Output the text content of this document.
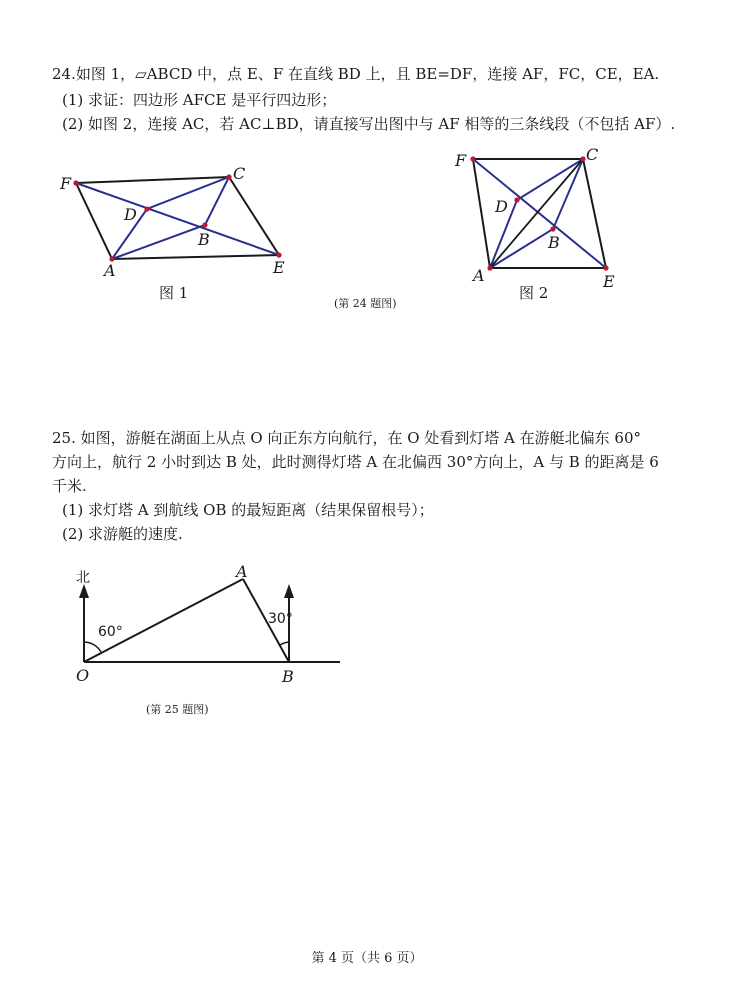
24.如图 1，▱ABCD 中，点 E、F 在直线 BD 上，且 BE=DF，连接 AF，FC，CE，EA.
(1) 求证：四边形 AFCE 是平行四边形；
(2) 如图 2，连接 AC，若 AC⊥BD，请直接写出图中与 AF 相等的三条线段（不包括 AF）.
F
C
D
B
A	E
F	C
D
B
A	E
图 1	图 2
(第 24 题图)
25. 如图，游艇在湖面上从点 O 向正东方向航行，在 O 处看到灯塔 A 在游艇北偏东 60°
方向上，航行 2 小时到达 B 处，此时测得灯塔 A 在北偏西 30°方向上，A 与 B 的距离是 6
千米.
(1) 求灯塔 A 到航线 OB 的最短距离（结果保留根号）；
(2) 求游艇的速度.
北
60°
30°
O	B
A
(第 25 题图)
第 4 页（共 6 页）
